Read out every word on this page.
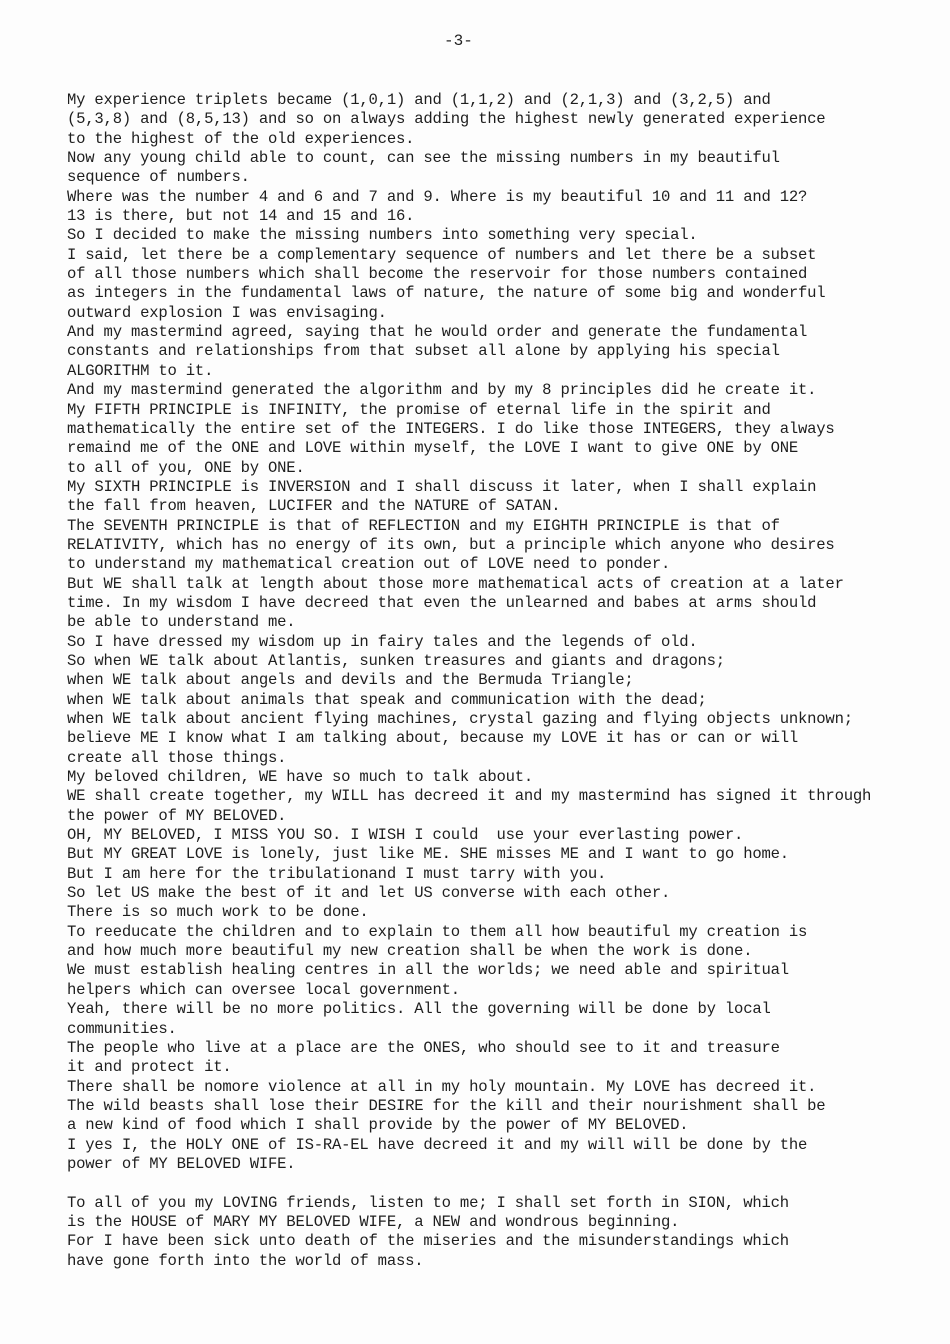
-3-
My experience triplets became (1,0,1) and (1,1,2) and (2,1,3) and (3,2,5) and
(5,3,8) and (8,5,13) and so on always adding the highest newly generated experience
to the highest of the old experiences.
Now any young child able to count, can see the missing numbers in my beautiful
sequence of numbers.
Where was the number 4 and 6 and 7 and 9. Where is my beautiful 10 and 11 and 12?
13 is there, but not 14 and 15 and 16.
So I decided to make the missing numbers into something very special.
I said, let there be a complementary sequence of numbers and let there be a subset
of all those numbers which shall become the reservoir for those numbers contained
as integers in the fundamental laws of nature, the nature of some big and wonderful
outward explosion I was envisaging.
And my mastermind agreed, saying that he would order and generate the fundamental
constants and relationships from that subset all alone by applying his special
ALGORITHM to it.
And my mastermind generated the algorithm and by my 8 principles did he create it.
My FIFTH PRINCIPLE is INFINITY, the promise of eternal life in the spirit and
mathematically the entire set of the INTEGERS. I do like those INTEGERS, they always
remaind me of the ONE and LOVE within myself, the LOVE I want to give ONE by ONE
to all of you, ONE by ONE.
My SIXTH PRINCIPLE is INVERSION and I shall discuss it later, when I shall explain
the fall from heaven, LUCIFER and the NATURE of SATAN.
The SEVENTH PRINCIPLE is that of REFLECTION and my EIGHTH PRINCIPLE is that of
RELATIVITY, which has no energy of its own, but a principle which anyone who desires
to understand my mathematical creation out of LOVE need to ponder.
But WE shall talk at length about those more mathematical acts of creation at a later
time. In my wisdom I have decreed that even the unlearned and babes at arms should
be able to understand me.
So I have dressed my wisdom up in fairy tales and the legends of old.
So when WE talk about Atlantis, sunken treasures and giants and dragons;
when WE talk about angels and devils and the Bermuda Triangle;
when WE talk about animals that speak and communication with the dead;
when WE talk about ancient flying machines, crystal gazing and flying objects unknown;
believe ME I know what I am talking about, because my LOVE it has or can or will
create all those things.
My beloved children, WE have so much to talk about.
WE shall create together, my WILL has decreed it and my mastermind has signed it through
the power of MY BELOVED.
OH, MY BELOVED, I MISS YOU SO. I WISH I could  use your everlasting power.
But MY GREAT LOVE is lonely, just like ME. SHE misses ME and I want to go home.
But I am here for the tribulationand I must tarry with you.
So let US make the best of it and let US converse with each other.
There is so much work to be done.
To reeducate the children and to explain to them all how beautiful my creation is
and how much more beautiful my new creation shall be when the work is done.
We must establish healing centres in all the worlds; we need able and spiritual
helpers which can oversee local government.
Yeah, there will be no more politics. All the governing will be done by local
communities.
The people who live at a place are the ONES, who should see to it and treasure
it and protect it.
There shall be nomore violence at all in my holy mountain. My LOVE has decreed it.
The wild beasts shall lose their DESIRE for the kill and their nourishment shall be
a new kind of food which I shall provide by the power of MY BELOVED.
I yes I, the HOLY ONE of IS-RA-EL have decreed it and my will will be done by the
power of MY BELOVED WIFE.
To all of you my LOVING friends, listen to me; I shall set forth in SION, which
is the HOUSE of MARY MY BELOVED WIFE, a NEW and wondrous beginning.
For I have been sick unto death of the miseries and the misunderstandings which
have gone forth into the world of mass.
